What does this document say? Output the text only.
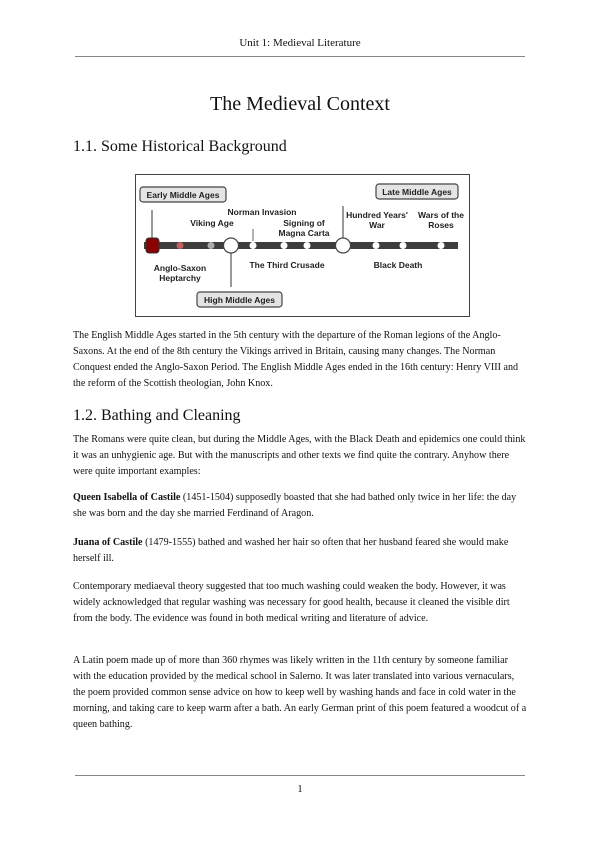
Unit 1: Medieval Literature
The Medieval Context
1.1. Some Historical Background
Early Middle Ages
High Middle Ages
Late Middle Ages
Anglo-Saxon
Heptarchy
Viking Age
Norman Invasion
Signing of
Magna Carta
The Third Crusade
Hundred Years'
War
Wars of the
Roses
Black Death

The English Middle Ages started in the 5th century with the departure of the Roman legions of the Anglo-Saxons. At the end of the 8th century the Vikings arrived in Britain, causing many changes. The Norman Conquest ended the Anglo-Saxon Period. The English Middle Ages ended in the 16th century: Henry VIII and the reform of the Scottish theologian, John Knox.

1.2. Bathing and Cleaning

The Romans were quite clean, but during the Middle Ages, with the Black Death and epidemics one could think it was an unhygienic age. But with the manuscripts and other texts we find quite the contrary. Anyhow there were quite important examples:

Queen Isabella of Castile (1451-1504) supposedly boasted that she had bathed only twice in her life: the day she was born and the day she married Ferdinand of Aragon.

Juana of Castile (1479-1555) bathed and washed her hair so often that her husband feared she would make herself ill.

Contemporary mediaeval theory suggested that too much washing could weaken the body. However, it was widely acknowledged that regular washing was necessary for good health, because it cleaned the visible dirt from the body. The evidence was found in both medical writing and literature of advice.

A Latin poem made up of more than 360 rhymes was likely written in the 11th century by someone familiar with the education provided by the medical school in Salerno. It was later translated into various vernaculars, the poem provided common sense advice on how to keep well by washing hands and face in cold water in the morning, and taking care to keep warm after a bath. An early German print of this poem featured a woodcut of a queen bathing.

1
